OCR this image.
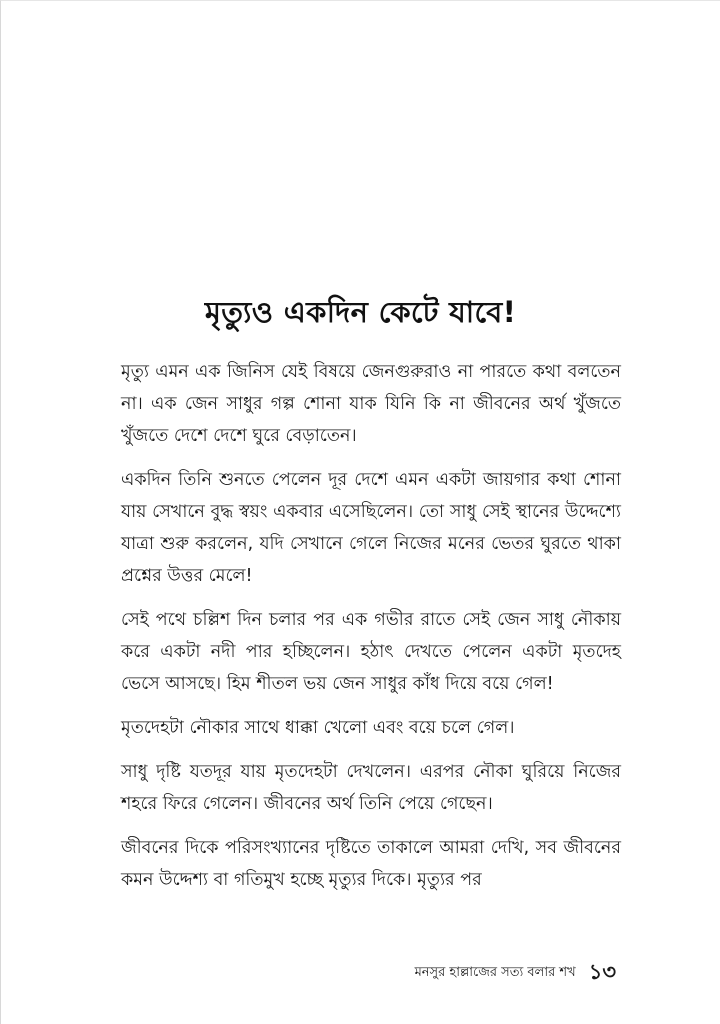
মৃত্যুও একদিন কেটে যাবে!

মৃত্যু এমন এক জিনিস যেই বিষয়ে জেনগুরুরাও না পারতে কথা বলতেন না। এক জেন সাধুর গল্প শোনা যাক যিনি কি না জীবনের অর্থ খুঁজতে খুঁজতে দেশে দেশে ঘুরে বেড়াতেন।

একদিন তিনি শুনতে পেলেন দূর দেশে এমন একটা জায়গার কথা শোনা যায় সেখানে বুদ্ধ স্বয়ং একবার এসেছিলেন। তো সাধু সেই স্থানের উদ্দেশ্যে যাত্রা শুরু করলেন, যদি সেখানে গেলে নিজের মনের ভেতর ঘুরতে থাকা প্রশ্নের উত্তর মেলে!

সেই পথে চল্লিশ দিন চলার পর এক গভীর রাতে সেই জেন সাধু নৌকায় করে একটা নদী পার হচ্ছিলেন। হঠাৎ দেখতে পেলেন একটা মৃতদেহ ভেসে আসছে। হিম শীতল ভয় জেন সাধুর কাঁধ দিয়ে বয়ে গেল!

মৃতদেহটা নৌকার সাথে ধাক্কা খেলো এবং বয়ে চলে গেল।

সাধু দৃষ্টি যতদূর যায় মৃতদেহটা দেখলেন। এরপর নৌকা ঘুরিয়ে নিজের শহরে ফিরে গেলেন। জীবনের অর্থ তিনি পেয়ে গেছেন।

জীবনের দিকে পরিসংখ্যানের দৃষ্টিতে তাকালে আমরা দেখি, সব জীবনের কমন উদ্দেশ্য বা গতিমুখ হচ্ছে মৃত্যুর দিকে। মৃত্যুর পর

মনসুর হাল্লাজের সত্য বলার শখ ১৩
